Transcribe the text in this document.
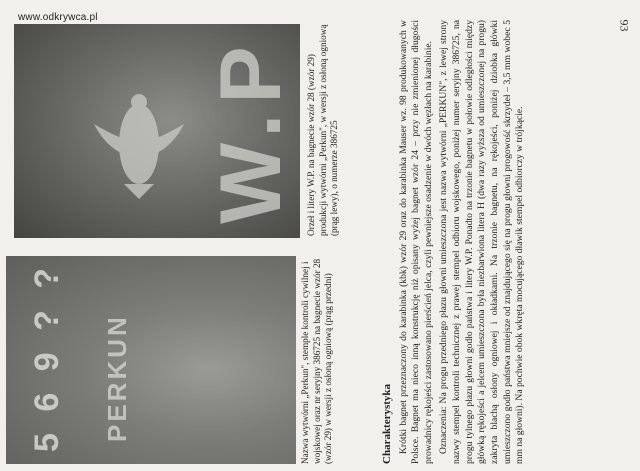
www.odkrywca.pl
93
5 6 9 ? ? PERKUN
W.P
Nazwa wytwórni „Perkun", stemple kontroli cywilnej i wojskowej oraz nr seryjny 386725 na bagnecie wzór 28 (wzór 29) w wersji z osłoną ogniową (prąg przedni)
Orzeł i litery W.P. na bagnecie wzór 28 (wzór 29) produkcji wytwórni „Perkun", w wersji z osłoną ogniową (prąg lewy), o numerze 386725
Charakterystyka Krótki bagnet przeznaczony do karabinka (kbk) wzór 29 oraz do karabinka Mauser wz. 98 produkowanych w Polsce. Bagnet ma nieco inną konstrukcję niż opisany wyżej bagnet wzór 24 – przy nie zmienionej długości prowadnicy rękojeści zastosowano pierścień jelca, czyli pewniejsze osadzenie w dwóch węzłach na karabinie. Oznaczenia: Na progu przedniego płazu głowni umieszczona jest nazwa wytwórni „PERKUN", z lewej strony nazwy stempel kontroli technicznej z prawej stempel odbioru wojskowego, poniżej numer seryjny 386725, na progu tylnego płazu głowni godło państwa i litery W.P. Ponadto na trzonie bagnetu w połowie odległości między główką rękojeści a jelcem umieszczona była niezbarwiona litera H (dwa razy wyższa od umieszczonej na progu) zakryta blachą osłony ogniowej i okładkami. Na trzonie bagnetu, na rękojeści, poniżej dziobka główki umieszczono godło państwa mniejsze od znajdującego się na progu głowni progowość skrzydeł – 3,5 mm wobec 5 mm na głowni). Na pochwie obok wkręta mocującego dławik stempel odbiorczy w trójkącie.
